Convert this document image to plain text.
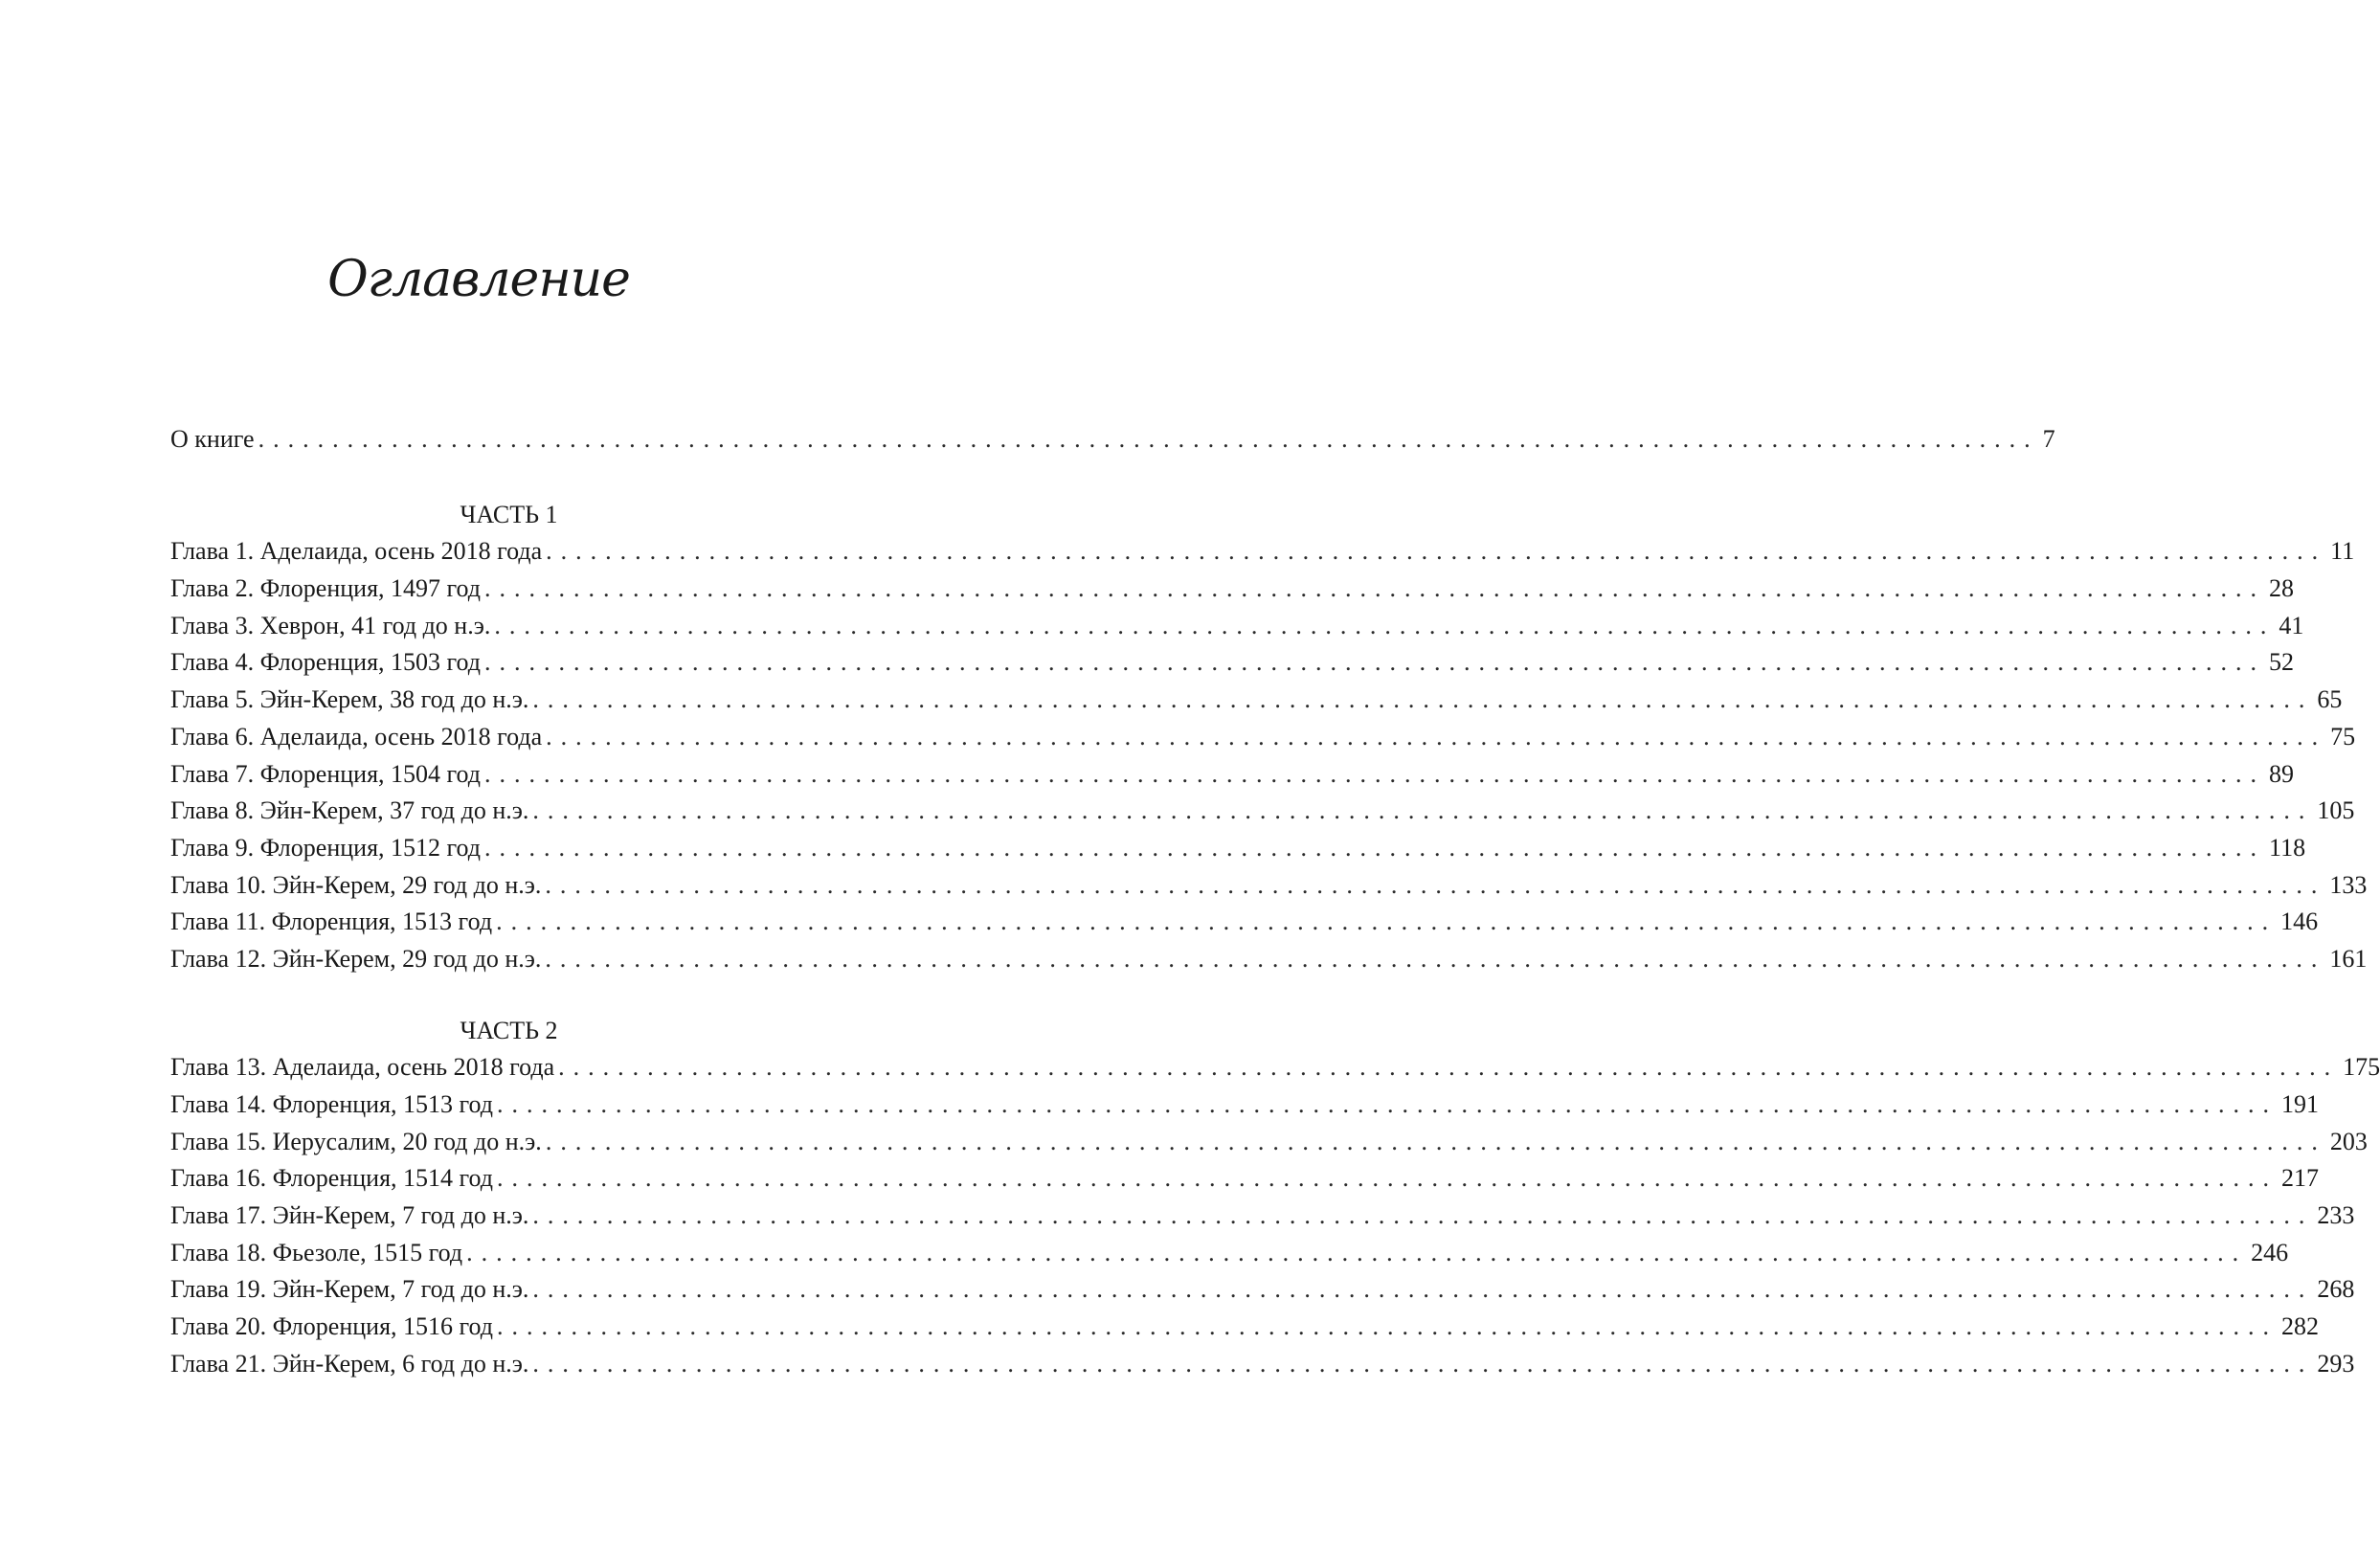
Оглавление
О книге ........................................................................................................................ 7
ЧАСТЬ 1
Глава 1. Аделаида, осень 2018 года ........................................................................................................................ 11
Глава 2. Флоренция, 1497 год ........................................................................................................................ 28
Глава 3. Хеврон, 41 год до н.э. ........................................................................................................................ 41
Глава 4. Флоренция, 1503 год ........................................................................................................................ 52
Глава 5. Эйн-Керем, 38 год до н.э. ........................................................................................................................ 65
Глава 6. Аделаида, осень 2018 года ........................................................................................................................ 75
Глава 7. Флоренция, 1504 год ........................................................................................................................ 89
Глава 8. Эйн-Керем, 37 год до н.э. ........................................................................................................................ 105
Глава 9. Флоренция, 1512 год ........................................................................................................................ 118
Глава 10. Эйн-Керем, 29 год до н.э. ........................................................................................................................ 133
Глава 11. Флоренция, 1513 год ........................................................................................................................ 146
Глава 12. Эйн-Керем, 29 год до н.э. ........................................................................................................................ 161
ЧАСТЬ 2
Глава 13. Аделаида, осень 2018 года ........................................................................................................................ 175
Глава 14. Флоренция, 1513 год ........................................................................................................................ 191
Глава 15. Иерусалим, 20 год до н.э. ........................................................................................................................ 203
Глава 16. Флоренция, 1514 год ........................................................................................................................ 217
Глава 17. Эйн-Керем, 7 год до н.э. ........................................................................................................................ 233
Глава 18. Фьезоле, 1515 год ........................................................................................................................ 246
Глава 19. Эйн-Керем, 7 год до н.э. ........................................................................................................................ 268
Глава 20. Флоренция, 1516 год ........................................................................................................................ 282
Глава 21. Эйн-Керем, 6 год до н.э. ........................................................................................................................ 293
